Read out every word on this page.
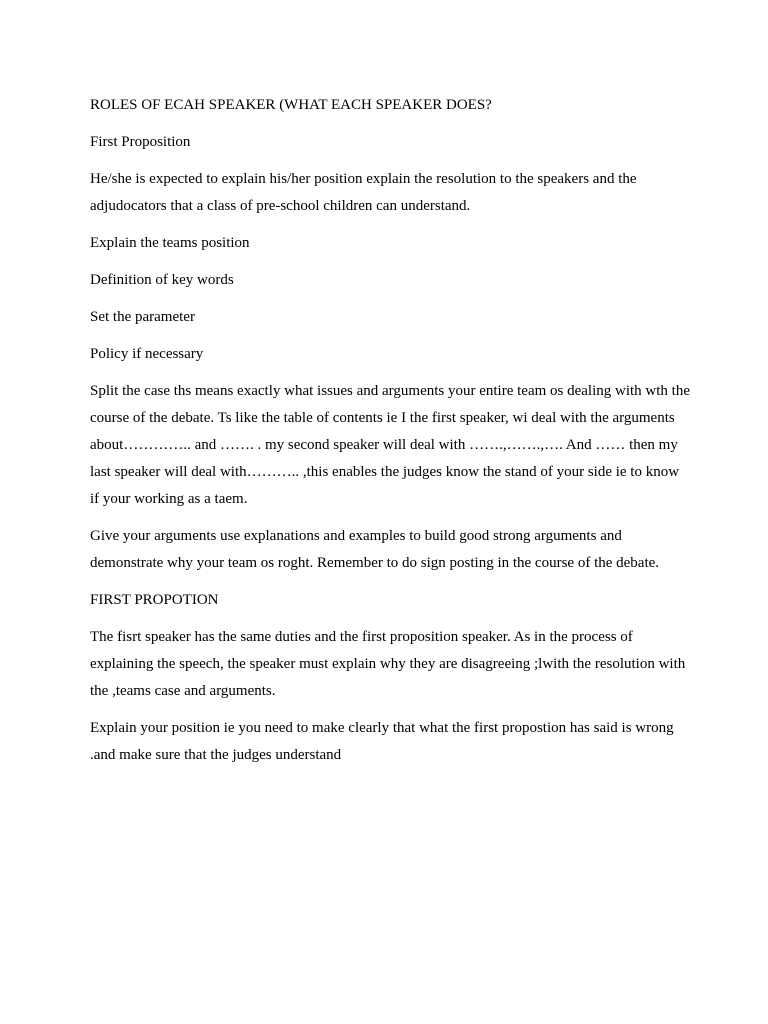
ROLES OF ECAH SPEAKER (WHAT EACH SPEAKER DOES?

First Proposition

He/she is expected to explain his/her position explain the resolution to the speakers and the adjudocators that a class of pre-school children can understand.

Explain the teams position

Definition of key words

Set the parameter

Policy if necessary

Split the case ths means exactly what issues and arguments your entire team os dealing with wth the course of the debate. Ts like the table of contents ie I the first speaker, wi deal with the arguments about………….. and ……. . my second speaker will deal with …….,…….,…. And …… then my last speaker will deal with……….. ,this enables the judges know the stand of your side ie to know if your working as a taem.

Give your arguments use explanations and examples to build good strong arguments and demonstrate why your team os roght. Remember to do sign posting in the course of the debate.

FIRST PROPOTION

The fisrt speaker has the same duties and the first proposition speaker. As in the process of explaining the speech, the speaker must explain why they are disagreeing ;lwith the resolution with the ,teams case and arguments.

Explain your position ie you need to make clearly that what the first propostion has said is wrong .and make sure that the judges understand
